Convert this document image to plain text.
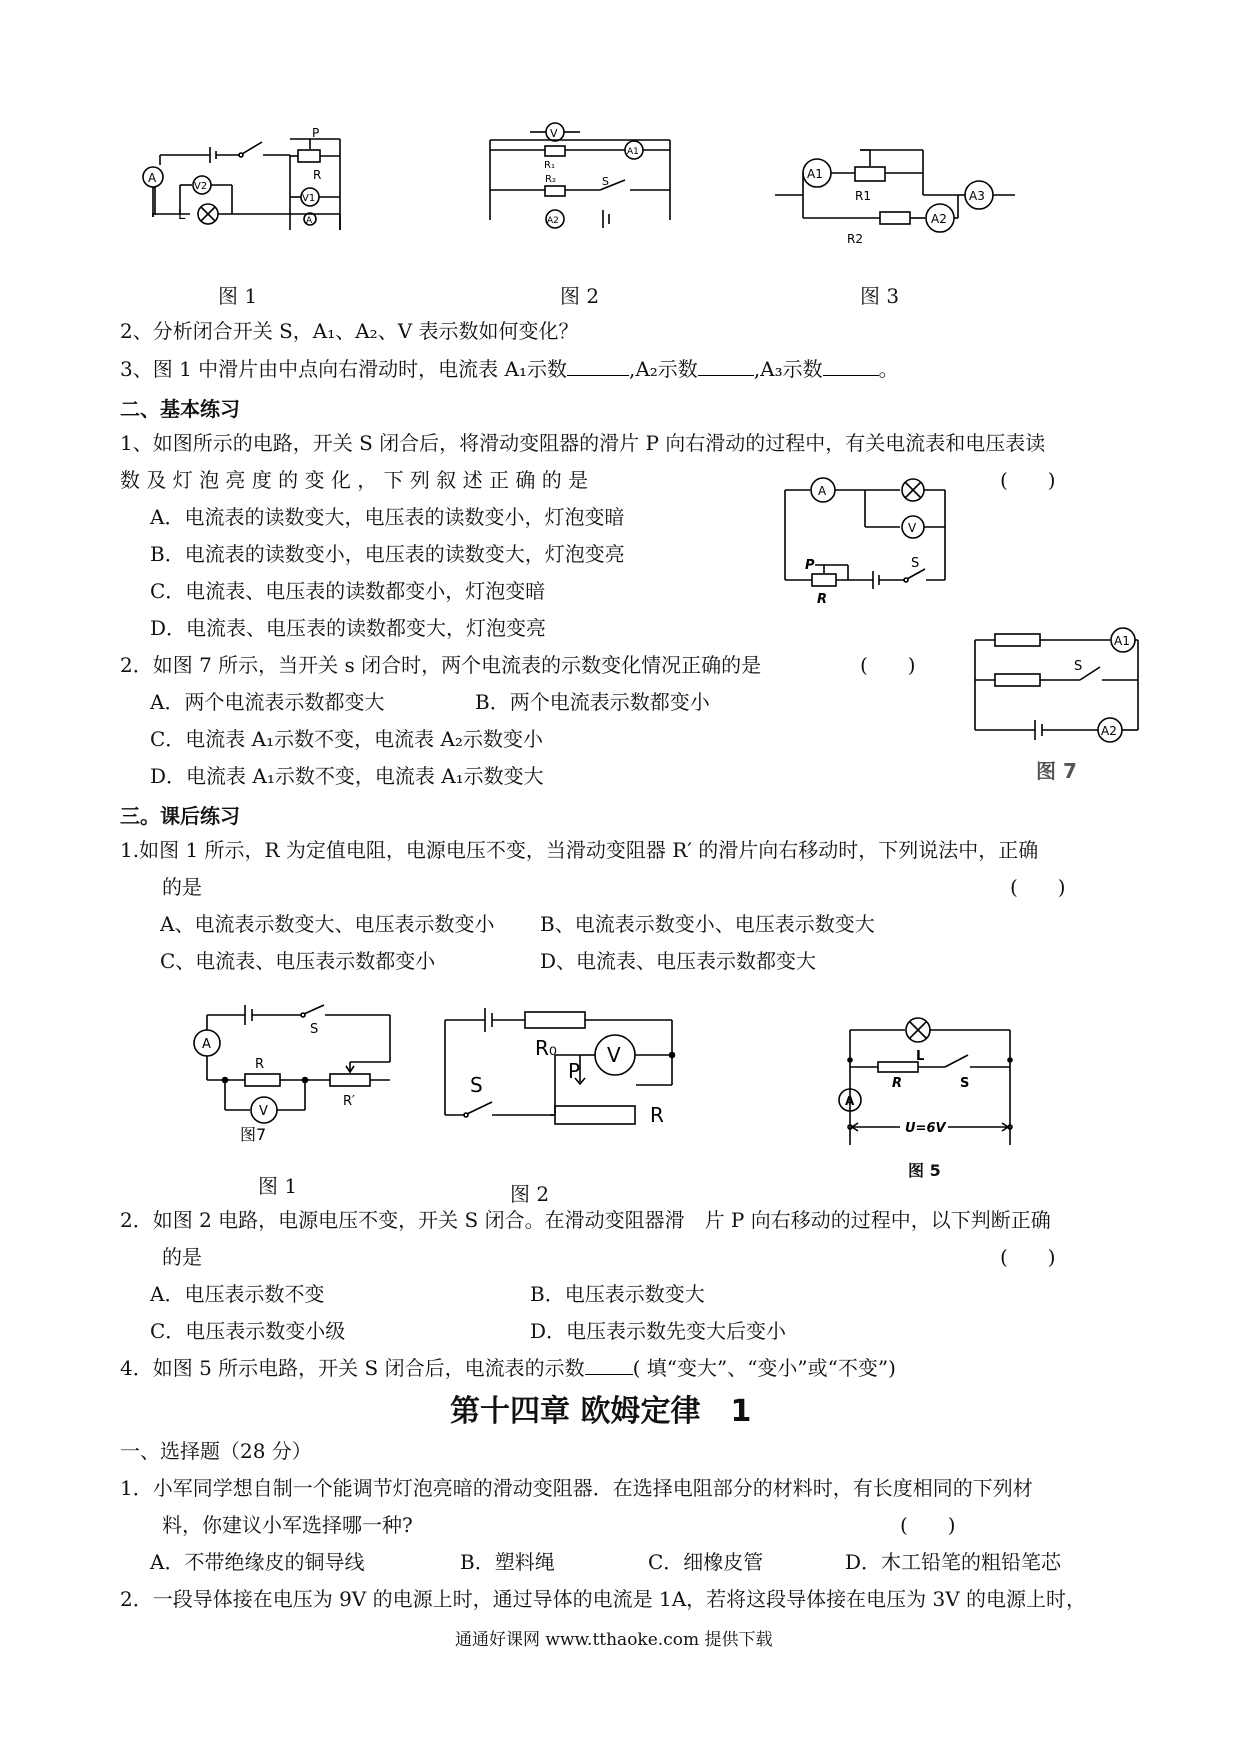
P
R
V1
A
A
L
V2
图 1
V
R₁
A1
R₂	S
A2
图 2
A1
R1
A2
R2
A3
图 3
2、分析闭合开关 S，A₁、A₂、V 表示数如何变化？
3、图 1 中滑片由中点向右滑动时，电流表 A₁示数	,A₂示数	,A₃示数	。
二、基本练习
1、如图所示的电路，开关 S 闭合后，将滑动变阻器的滑片 P 向右滑动的过程中，有关电流表和电压表读
数 及 灯 泡 亮 度 的 变 化 ， 下 列 叙 述 正 确 的 是	(　　)
A．电流表的读数变大，电压表的读数变小，灯泡变暗
B．电流表的读数变小，电压表的读数变大，灯泡变亮
C．电流表、电压表的读数都变小，灯泡变暗
D．电流表、电压表的读数都变大，灯泡变亮
A
V
P
R
S
2．如图 7 所示，当开关 s 闭合时，两个电流表的示数变化情况正确的是	(　　)
A．两个电流表示数都变大	B．两个电流表示数都变小
C．电流表 A₁示数不变，电流表 A₂示数变小
D．电流表 A₁示数不变，电流表 A₁示数变大
A1
S
A2
图 7
三。课后练习
1.如图 1 所示，R 为定值电阻，电源电压不变，当滑动变阻器 R′ 的滑片向右移动时，下列说法中，正确
的是	(　　)
A、电流表示数变大、电压表示数变小 B、电流表示数变小、电压表示数变大
C、电流表、电压表示数都变小	D、电流表、电压表示数都变大
S
A
R
R′
V
图7
图 1
R₀	V
S
P
R
图 2
L
R	S
A
U=6V
图 5
2．如图 2 电路，电源电压不变，开关 S 闭合。在滑动变阻器滑　片 P 向右移动的过程中，以下判断正确
的是	(　　)
A．电压表示数不变	B．电压表示数变大
C．电压表示数变小级	D．电压表示数先变大后变小
4．如图 5 所示电路，开关 S 闭合后，电流表的示数 ( 填“变大”、“变小”或“不变”)
第十四章 欧姆定律　1
一、选择题（28 分）
1．小军同学想自制一个能调节灯泡亮暗的滑动变阻器．在选择电阻部分的材料时，有长度相同的下列材
料，你建议小军选择哪一种?	(　　)
A．不带绝缘皮的铜导线	B．塑料绳	C．细橡皮管	D．木工铅笔的粗铅笔芯
2．一段导体接在电压为 9V 的电源上时，通过导体的电流是 1A，若将这段导体接在电压为 3V 的电源上时，
通通好课网 www.tthaoke.com 提供下载
